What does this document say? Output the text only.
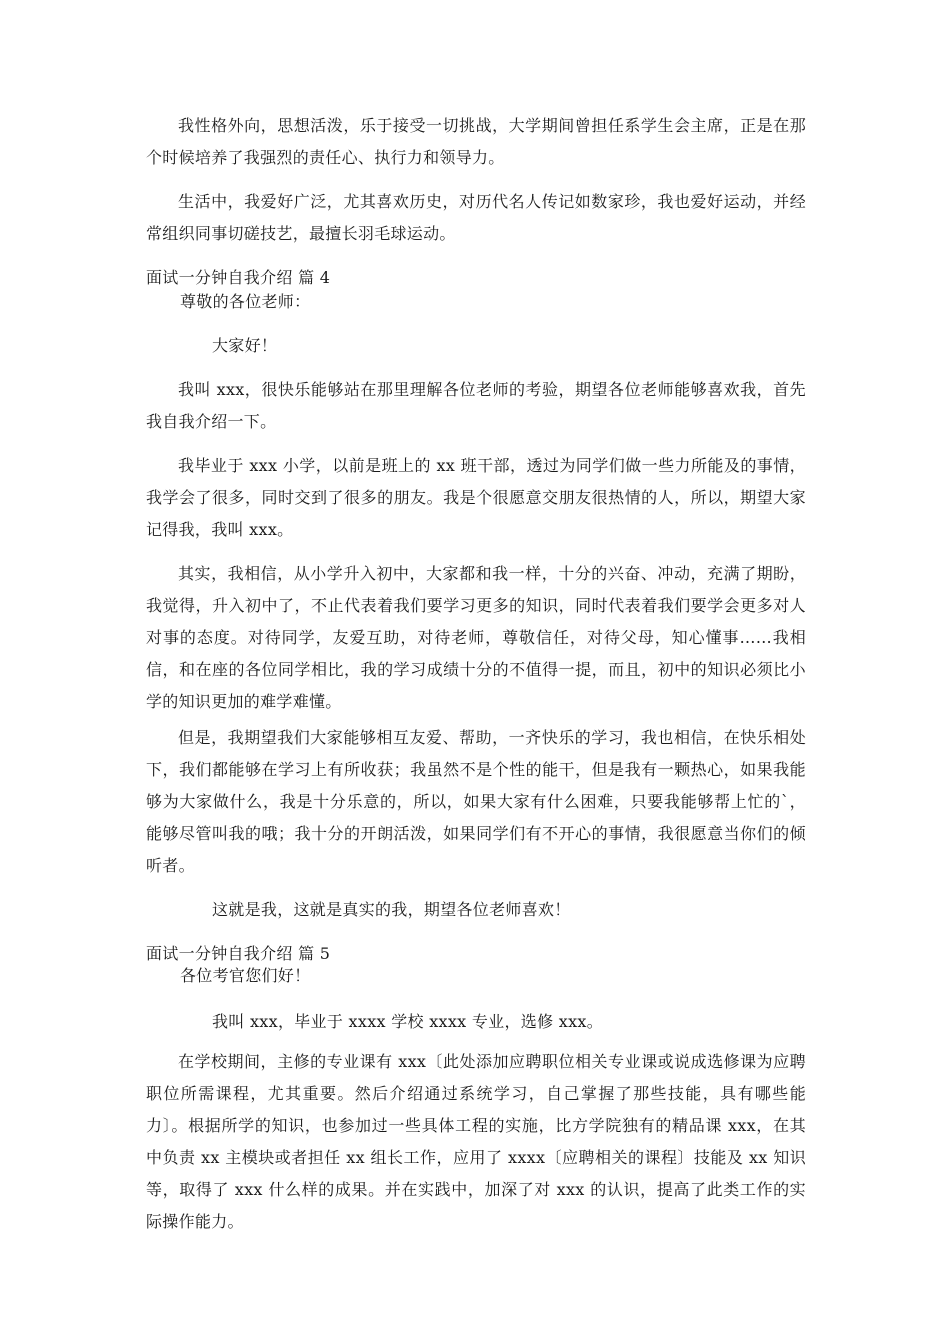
我性格外向，思想活泼，乐于接受一切挑战，大学期间曾担任系学生会主席，正是在那个时候培养了我强烈的责任心、执行力和领导力。

生活中，我爱好广泛，尤其喜欢历史，对历代名人传记如数家珍，我也爱好运动，并经常组织同事切磋技艺，最擅长羽毛球运动。

面试一分钟自我介绍 篇 4

尊敬的各位老师：

大家好！

我叫 xxx，很快乐能够站在那里理解各位老师的考验，期望各位老师能够喜欢我，首先我自我介绍一下。

我毕业于 xxx 小学，以前是班上的 xx 班干部，透过为同学们做一些力所能及的事情，我学会了很多，同时交到了很多的朋友。我是个很愿意交朋友很热情的人，所以，期望大家记得我，我叫 xxx。

其实，我相信，从小学升入初中，大家都和我一样，十分的兴奋、冲动，充满了期盼，我觉得，升入初中了，不止代表着我们要学习更多的知识，同时代表着我们要学会更多对人对事的态度。对待同学，友爱互助，对待老师，尊敬信任，对待父母，知心懂事……我相信，和在座的各位同学相比，我的学习成绩十分的不值得一提，而且，初中的知识必须比小学的知识更加的难学难懂。

但是，我期望我们大家能够相互友爱、帮助，一齐快乐的学习，我也相信，在快乐相处下，我们都能够在学习上有所收获；我虽然不是个性的能干，但是我有一颗热心，如果我能够为大家做什么，我是十分乐意的，所以，如果大家有什么困难，只要我能够帮上忙的`，能够尽管叫我的哦；我十分的开朗活泼，如果同学们有不开心的事情，我很愿意当你们的倾听者。

这就是我，这就是真实的我，期望各位老师喜欢！

面试一分钟自我介绍 篇 5

各位考官您们好！

我叫 xxx，毕业于 xxxx 学校 xxxx 专业，选修 xxx。

在学校期间，主修的专业课有 xxx〔此处添加应聘职位相关专业课或说成选修课为应聘职位所需课程，尤其重要。然后介绍通过系统学习，自己掌握了那些技能，具有哪些能力〕。根据所学的知识，也参加过一些具体工程的实施，比方学院独有的精品课 xxx，在其中负责 xx 主模块或者担任 xx 组长工作，应用了 xxxx〔应聘相关的课程〕技能及 xx 知识等，取得了 xxx 什么样的成果。并在实践中，加深了对 xxx 的认识，提高了此类工作的实际操作能力。
